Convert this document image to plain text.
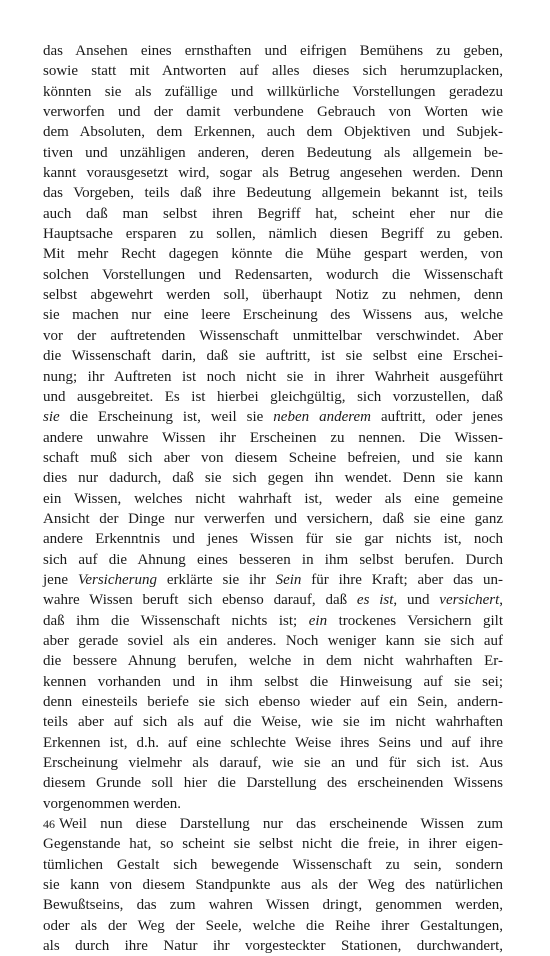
das Ansehen eines ernsthaften und eifrigen Bemühens zu geben,
sowie statt mit Antworten auf alles dieses sich herumzuplacken,
könnten sie als zufällige und willkürliche Vorstellungen geradezu
verworfen und der damit verbundene Gebrauch von Worten wie
dem Absoluten, dem Erkennen, auch dem Objektiven und Subjek-
tiven und unzähligen anderen, deren Bedeutung als allgemein be-
kannt vorausgesetzt wird, sogar als Betrug angesehen werden. Denn
das Vorgeben, teils daß ihre Bedeutung allgemein bekannt ist, teils
auch daß man selbst ihren Begriff hat, scheint eher nur die
Hauptsache ersparen zu sollen, nämlich diesen Begriff zu geben.
Mit mehr Recht dagegen könnte die Mühe gespart werden, von
solchen Vorstellungen und Redensarten, wodurch die Wissenschaft
selbst abgewehrt werden soll, überhaupt Notiz zu nehmen, denn
sie machen nur eine leere Erscheinung des Wissens aus, welche
vor der auftretenden Wissenschaft unmittelbar verschwindet. Aber
die Wissenschaft darin, daß sie auftritt, ist sie selbst eine Erschei-
nung; ihr Auftreten ist noch nicht sie in ihrer Wahrheit ausgeführt
und ausgebreitet. Es ist hierbei gleichgültig, sich vorzustellen, daß
sie die Erscheinung ist, weil sie neben anderem auftritt, oder jenes
andere unwahre Wissen ihr Erscheinen zu nennen. Die Wissen-
schaft muß sich aber von diesem Scheine befreien, und sie kann
dies nur dadurch, daß sie sich gegen ihn wendet. Denn sie kann
ein Wissen, welches nicht wahrhaft ist, weder als eine gemeine
Ansicht der Dinge nur verwerfen und versichern, daß sie eine ganz
andere Erkenntnis und jenes Wissen für sie gar nichts ist, noch
sich auf die Ahnung eines besseren in ihm selbst berufen. Durch
jene Versicherung erklärte sie ihr Sein für ihre Kraft; aber das un-
wahre Wissen beruft sich ebenso darauf, daß es ist, und versichert,
daß ihm die Wissenschaft nichts ist; ein trockenes Versichern gilt
aber gerade soviel als ein anderes. Noch weniger kann sie sich auf
die bessere Ahnung berufen, welche in dem nicht wahrhaften Er-
kennen vorhanden und in ihm selbst die Hinweisung auf sie sei;
denn einesteils beriefe sie sich ebenso wieder auf ein Sein, andern-
teils aber auf sich als auf die Weise, wie sie im nicht wahrhaften
Erkennen ist, d.h. auf eine schlechte Weise ihres Seins und auf ihre
Erscheinung vielmehr als darauf, wie sie an und für sich ist. Aus
diesem Grunde soll hier die Darstellung des erscheinenden Wissens
vorgenommen werden.
Weil nun diese Darstellung nur das erscheinende Wissen zum
Gegenstande hat, so scheint sie selbst nicht die freie, in ihrer eigen-
tümlichen Gestalt sich bewegende Wissenschaft zu sein, sondern
sie kann von diesem Standpunkte aus als der Weg des natürlichen
Bewußtseins, das zum wahren Wissen dringt, genommen werden,
oder als der Weg der Seele, welche die Reihe ihrer Gestaltungen,
als durch ihre Natur ihr vorgesteckter Stationen, durchwandert,
46
